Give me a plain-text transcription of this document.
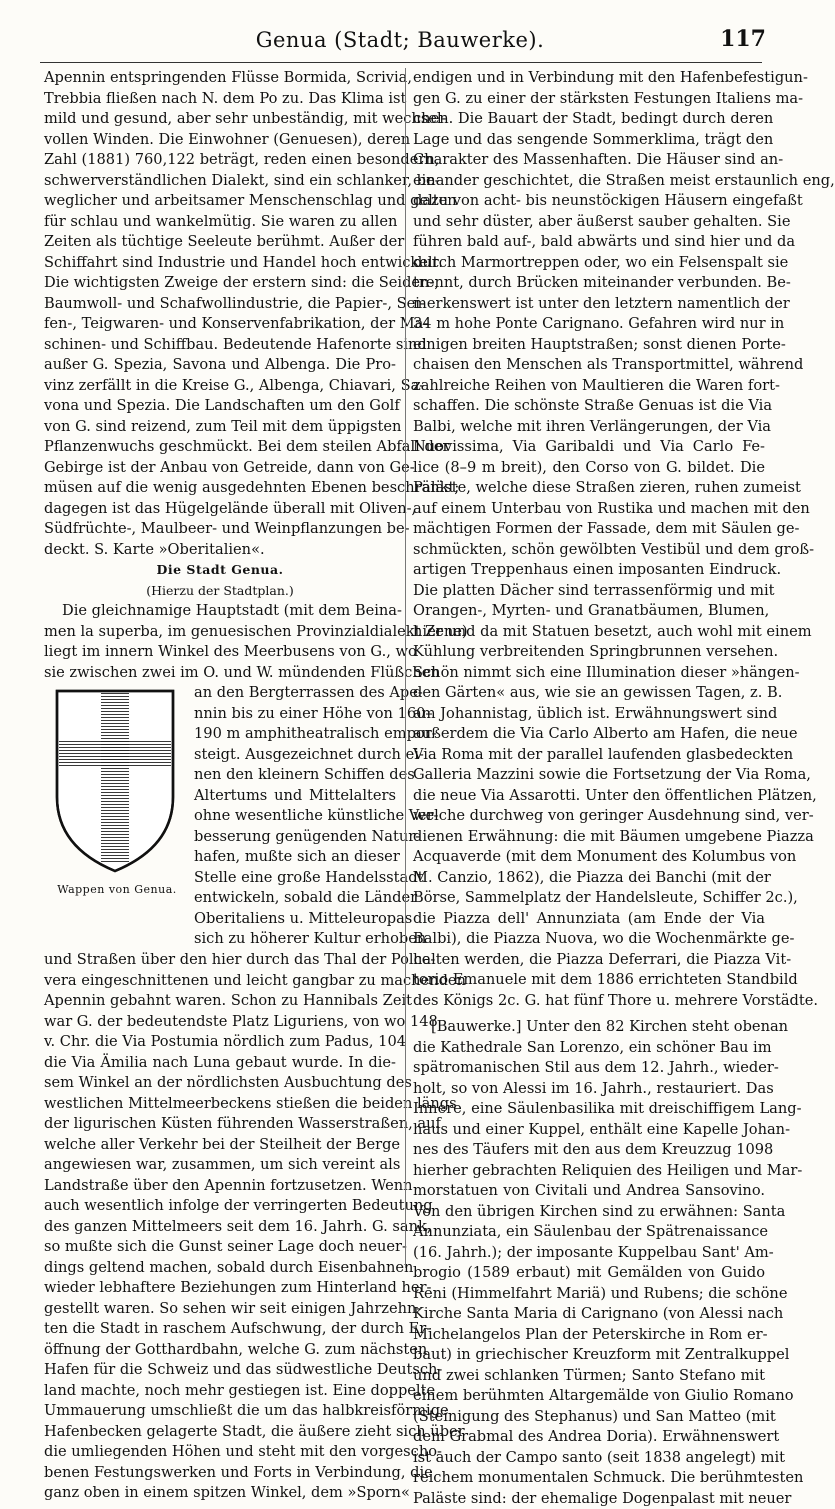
Genua (Stadt; Bauwerke).	117
Apennin entspringenden Flüsse Bormida, Scrivia,
Trebbia fließen nach N. dem Po zu. Das Klima ist
mild und gesund, aber sehr unbeständig, mit wechsel-
vollen Winden. Die Einwohner (Genuesen), deren
Zahl (1881) 760,122 beträgt, reden einen besondern,
schwerverständlichen Dialekt, sind ein schlanker, be-
weglicher und arbeitsamer Menschenschlag und gelten
für schlau und wankelmütig. Sie waren zu allen
Zeiten als tüchtige Seeleute berühmt. Außer der
Schiffahrt sind Industrie und Handel hoch entwickelt.
Die wichtigsten Zweige der erstern sind: die Seiden-,
Baumwoll- und Schafwollindustrie, die Papier-, Sei-
fen-, Teigwaren- und Konservenfabrikation, der Ma-
schinen- und Schiffbau. Bedeutende Hafenorte sind
außer G. Spezia, Savona und Albenga. Die Pro-
vinz zerfällt in die Kreise G., Albenga, Chiavari, Sa-
vona und Spezia. Die Landschaften um den Golf
von G. sind reizend, zum Teil mit dem üppigsten
Pflanzenwuchs geschmückt. Bei dem steilen Abfall der
Gebirge ist der Anbau von Getreide, dann von Ge-
müsen auf die wenig ausgedehnten Ebenen beschränkt;
dagegen ist das Hügelgelände überall mit Oliven-,
Südfrüchte-, Maulbeer- und Weinpflanzungen be-
deckt. S. Karte »Oberitalien«.
Die Stadt Genua.
(Hierzu der Stadtplan.)
Die gleichnamige Hauptstadt (mit dem Beina-
men la superba, im genuesischen Provinzialdialekt Zene)
liegt im innern Winkel des Meerbusens von G., wo
sie zwischen zwei im O. und W. mündenden Flüßchen
Wappen von Genua.
an den Bergterrassen des Ape-
nnin bis zu einer Höhe von 160–
190 m amphitheatralisch empor-
steigt. Ausgezeichnet durch ei-
nen den kleinern Schiffen des
Altertums und Mittelalters
ohne wesentliche künstliche Ver-
besserung genügenden Natur-
hafen, mußte sich an dieser
Stelle eine große Handelsstadt
entwickeln, sobald die Länder
Oberitaliens u. Mitteleuropas
sich zu höherer Kultur erhoben
und Straßen über den hier durch das Thal der Polce-
vera eingeschnittenen und leicht gangbar zu machenden
Apennin gebahnt waren. Schon zu Hannibals Zeit
war G. der bedeutendste Platz Liguriens, von wo 148
v. Chr. die Via Postumia nördlich zum Padus, 104
die Via Ämilia nach Luna gebaut wurde. In die-
sem Winkel an der nördlichsten Ausbuchtung des
westlichen Mittelmeerbeckens stießen die beiden längs
der ligurischen Küsten führenden Wasserstraßen, auf
welche aller Verkehr bei der Steilheit der Berge
angewiesen war, zusammen, um sich vereint als
Landstraße über den Apennin fortzusetzen. Wenn
auch wesentlich infolge der verringerten Bedeutung
des ganzen Mittelmeers seit dem 16. Jahrh. G. sank,
so mußte sich die Gunst seiner Lage doch neuer-
dings geltend machen, sobald durch Eisenbahnen
wieder lebhaftere Beziehungen zum Hinterland her-
gestellt waren. So sehen wir seit einigen Jahrzehn-
ten die Stadt in raschem Aufschwung, der durch Er-
öffnung der Gotthardbahn, welche G. zum nächsten
Hafen für die Schweiz und das südwestliche Deutsch-
land machte, noch mehr gestiegen ist. Eine doppelte
Ummauerung umschließt die um das halbkreisförmige
Hafenbecken gelagerte Stadt, die äußere zieht sich über
die umliegenden Höhen und steht mit den vorgescho-
benen Festungswerken und Forts in Verbindung, die
ganz oben in einem spitzen Winkel, dem »Sporn«
endigen und in Verbindung mit den Hafenbefestigun-
gen G. zu einer der stärksten Festungen Italiens ma-
chen. Die Bauart der Stadt, bedingt durch deren
Lage und das sengende Sommerklima, trägt den
Charakter des Massenhaften. Die Häuser sind an-
einander geschichtet, die Straßen meist erstaunlich eng,
dazu von acht- bis neunstöckigen Häusern eingefaßt
und sehr düster, aber äußerst sauber gehalten. Sie
führen bald auf-, bald abwärts und sind hier und da
durch Marmortreppen oder, wo ein Felsenspalt sie
trennt, durch Brücken miteinander verbunden. Be-
merkenswert ist unter den letztern namentlich der
34 m hohe Ponte Carignano. Gefahren wird nur in
einigen breiten Hauptstraßen; sonst dienen Porte-
chaisen den Menschen als Transportmittel, während
zahlreiche Reihen von Maultieren die Waren fort-
schaffen. Die schönste Straße Genuas ist die Via
Balbi, welche mit ihren Verlängerungen, der Via
Nuovissima, Via Garibaldi und Via Carlo Fe-
lice (8–9 m breit), den Corso von G. bildet. Die
Paläste, welche diese Straßen zieren, ruhen zumeist
auf einem Unterbau von Rustika und machen mit den
mächtigen Formen der Fassade, dem mit Säulen ge-
schmückten, schön gewölbten Vestibül und dem groß-
artigen Treppenhaus einen imposanten Eindruck.
Die platten Dächer sind terrassenförmig und mit
Orangen-, Myrten- und Granatbäumen, Blumen,
hier und da mit Statuen besetzt, auch wohl mit einem
Kühlung verbreitenden Springbrunnen versehen.
Schön nimmt sich eine Illumination dieser »hängen-
den Gärten« aus, wie sie an gewissen Tagen, z. B.
am Johannistag, üblich ist. Erwähnungswert sind
außerdem die Via Carlo Alberto am Hafen, die neue
Via Roma mit der parallel laufenden glasbedeckten
Galleria Mazzini sowie die Fortsetzung der Via Roma,
die neue Via Assarotti. Unter den öffentlichen Plätzen,
welche durchweg von geringer Ausdehnung sind, ver-
dienen Erwähnung: die mit Bäumen umgebene Piazza
Acquaverde (mit dem Monument des Kolumbus von
M. Canzio, 1862), die Piazza dei Banchi (mit der
Börse, Sammelplatz der Handelsleute, Schiffer 2c.),
die Piazza dell' Annunziata (am Ende der Via
Balbi), die Piazza Nuova, wo die Wochenmärkte ge-
halten werden, die Piazza Deferrari, die Piazza Vit-
torio Emanuele mit dem 1886 errichteten Standbild
des Königs 2c. G. hat fünf Thore u. mehrere Vorstädte.
[Bauwerke.] Unter den 82 Kirchen steht obenan
die Kathedrale San Lorenzo, ein schöner Bau im
spätromanischen Stil aus dem 12. Jahrh., wieder-
holt, so von Alessi im 16. Jahrh., restauriert. Das
Innere, eine Säulenbasilika mit dreischiffigem Lang-
haus und einer Kuppel, enthält eine Kapelle Johan-
nes des Täufers mit den aus dem Kreuzzug 1098
hierher gebrachten Reliquien des Heiligen und Mar-
morstatuen von Civitali und Andrea Sansovino.
Von den übrigen Kirchen sind zu erwähnen: Santa
Annunziata, ein Säulenbau der Spätrenaissance
(16. Jahrh.); der imposante Kuppelbau Sant' Am-
brogio (1589 erbaut) mit Gemälden von Guido
Reni (Himmelfahrt Mariä) und Rubens; die schöne
Kirche Santa Maria di Carignano (von Alessi nach
Michelangelos Plan der Peterskirche in Rom er-
baut) in griechischer Kreuzform mit Zentralkuppel
und zwei schlanken Türmen; Santo Stefano mit
einem berühmten Altargemälde von Giulio Romano
(Steinigung des Stephanus) und San Matteo (mit
dem Grabmal des Andrea Doria). Erwähnenswert
ist auch der Campo santo (seit 1838 angelegt) mit
reichem monumentalen Schmuck. Die berühmtesten
Paläste sind: der ehemalige Dogenpalast mit neuer
